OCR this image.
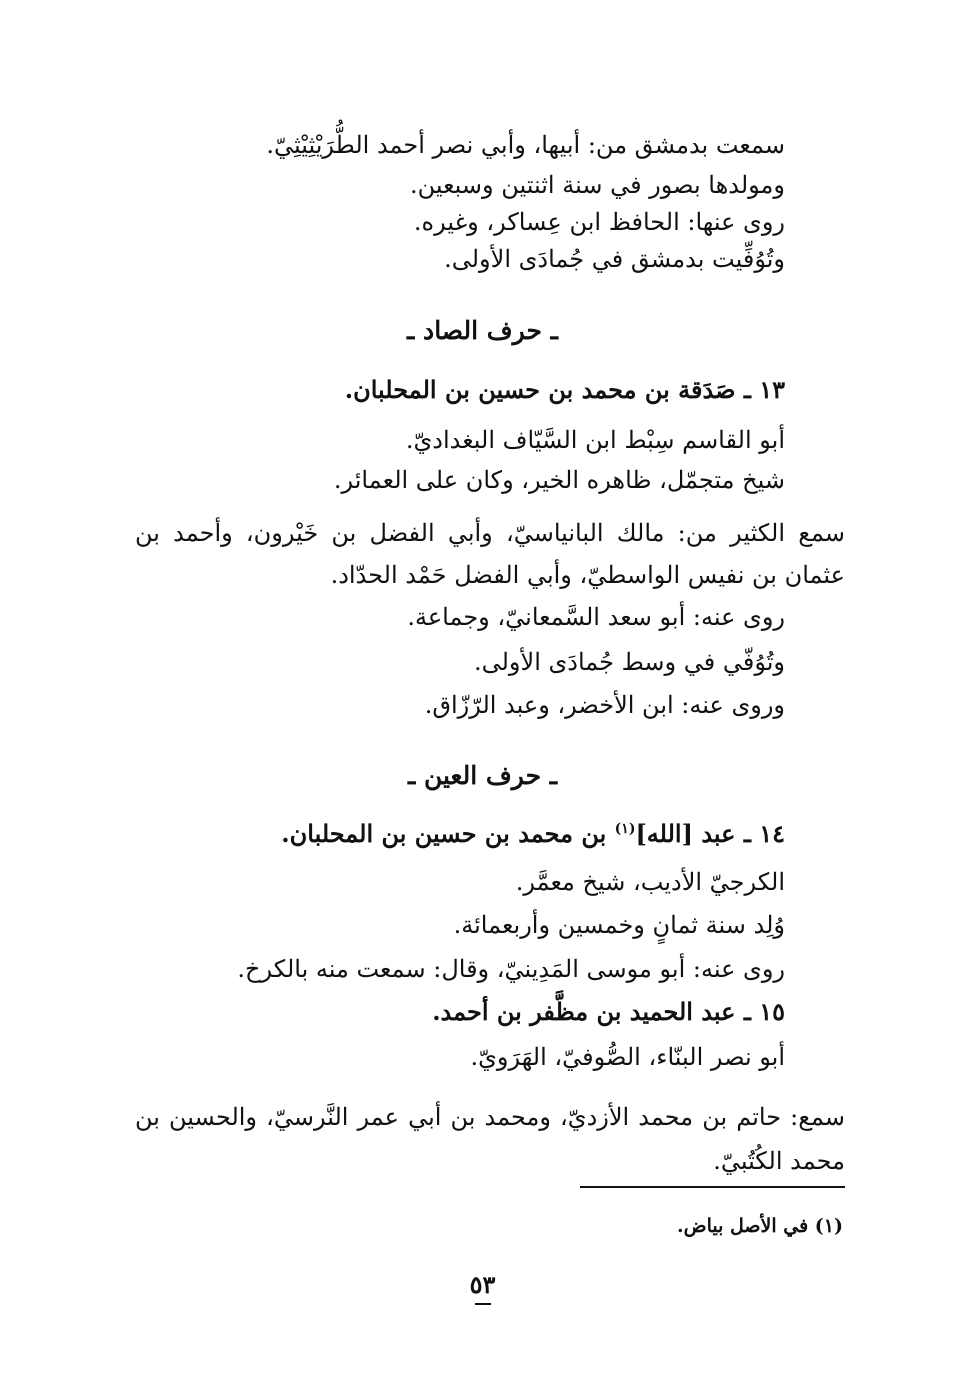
سمعت بدمشق من: أبيها، وأبي نصر أحمد الطُّرَيْثِيْثِيّ.
ومولدها بصور في سنة اثنتين وسبعين.
روى عنها: الحافظ ابن عِساكر، وغيره.
وتُوُفِّيت بدمشق في جُمادَى الأولى.
ـ حرف الصاد ـ
١٣ ـ صَدَقة بن محمد بن حسين بن المحلبان.
أبو القاسم سِبْط ابن السَّيّاف البغداديّ.
شيخ متجمّل، ظاهره الخير، وكان على العمائر.
سمع الكثير من: مالك البانياسيّ، وأبي الفضل بن خَيْرون، وأحمد بن عثمان بن نفيس الواسطيّ، وأبي الفضل حَمْد الحدّاد.
روى عنه: أبو سعد السَّمعانيّ، وجماعة.
وتُوُفّي في وسط جُمادَى الأولى.
وروى عنه: ابن الأخضر، وعبد الرّزّاق.
ـ حرف العين ـ
١٤ ـ عبد [الله]$^{(١)}$ بن محمد بن حسين بن المحلبان.
الكرجيّ الأديب، شيخ معمَّر.
وُلِد سنة ثمانٍ وخمسين وأربعمائة.
روى عنه: أبو موسى المَدِينيّ، وقال: سمعت منه بالكرخ.
١٥ ـ عبد الحميد بن مظَّفر بن أحمد.
أبو نصر البنّاء، الصُّوفيّ، الهَرَويّ.
سمع: حاتم بن محمد الأزديّ، ومحمد بن أبي عمر النَّرسيّ، والحسين بن محمد الكُتُبيّ.
(١) في الأصل بياض.
٥٣
